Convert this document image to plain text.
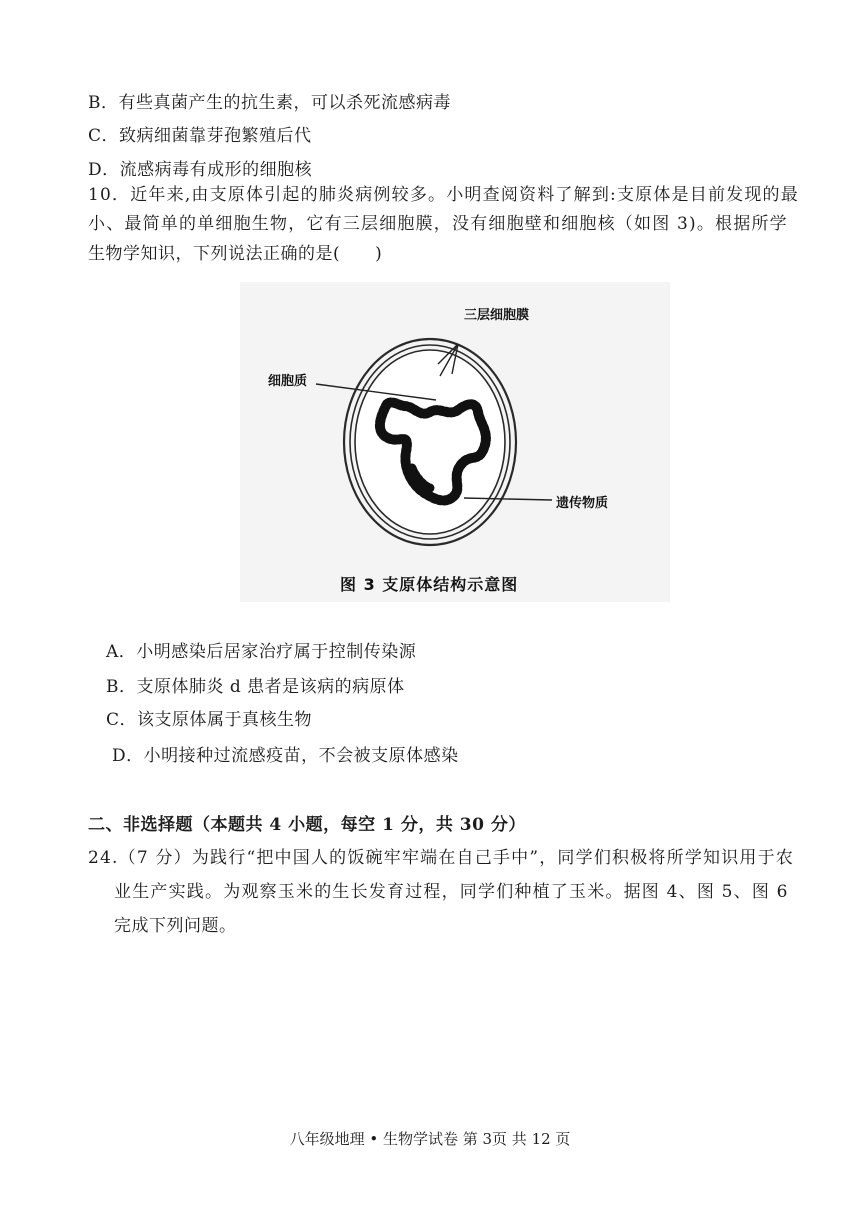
B．有些真菌产生的抗生素，可以杀死流感病毒
C．致病细菌靠芽孢繁殖后代
D．流感病毒有成形的细胞核
10．近年来,由支原体引起的肺炎病例较多。小明查阅资料了解到:支原体是目前发现的最
小、最简单的单细胞生物，它有三层细胞膜，没有细胞壁和细胞核（如图 3)。根据所学
生物学知识，下列说法正确的是(　　)
三层细胞膜
细胞质
遗传物质
图 3 支原体结构示意图
A．小明感染后居家治疗属于控制传染源
B．支原体肺炎 d 患者是该病的病原体
C．该支原体属于真核生物
D．小明接种过流感疫苗，不会被支原体感染
二、非选择题（本题共 4 小题，每空 1 分，共 30 分）
24.（7 分）为践行“把中国人的饭碗牢牢端在自己手中”，同学们积极将所学知识用于农
业生产实践。为观察玉米的生长发育过程，同学们种植了玉米。据图 4、图 5、图 6
完成下列问题。
八年级地理 • 生物学试卷 第 3页 共 12 页
